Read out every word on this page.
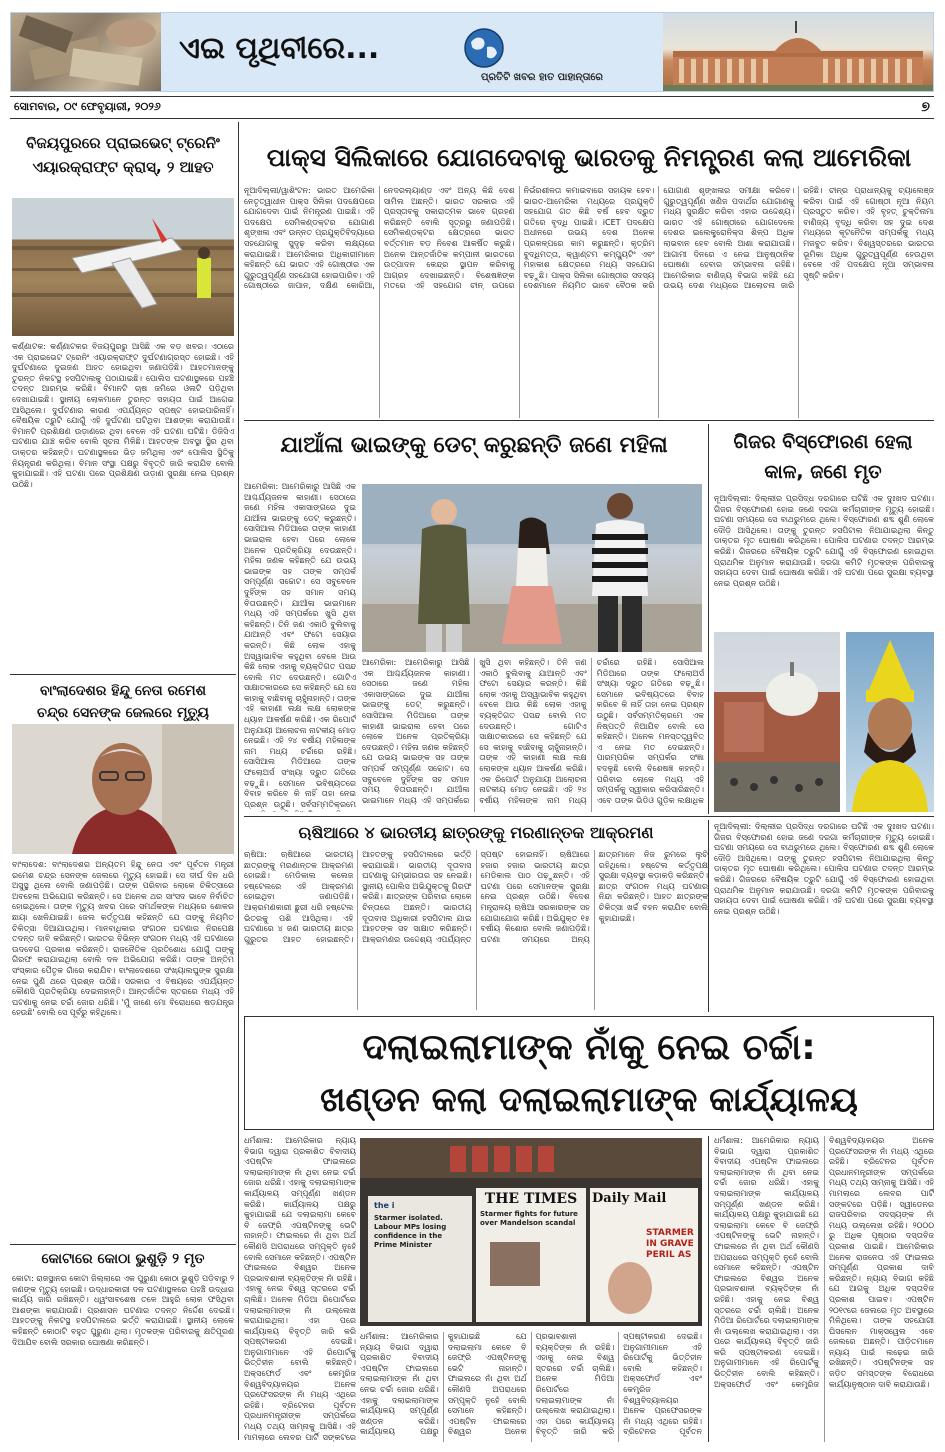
ଏଇ ପୃଥିବୀରେ...
ପ୍ରତିଟି ଖବର ହାତ ପାହାନ୍ତାରେ
ସୋମବାର, ୦୯ ଫେବୃୟାରୀ, ୨୦୨୬	୭
ବିଜୟପୁରରେ ପ୍ରାଇଭେଟ୍ ଟ୍ରେନିଂ
ଏୟାରକ୍ରାଫ୍ଟ କ୍ରାସ୍, ୨ ଆହତ
କର୍ଣ୍ଣାଟକ: କର୍ଣ୍ଣାଟକର ବିଜୟପୁରରୁ ଆସିଛି ଏକ ବଡ଼ ଖବର। ଏଠାରେ ଏକ ପ୍ରାଇଭେଟ ଟ୍ରେନିଂ ଏୟାରକ୍ରାଫ୍ଟ ଦୁର୍ଘଟଣାଗ୍ରସ୍ତ ହୋଇଛି। ଏହି ଦୁର୍ଘଟଣାରେ ଦୁଇଜଣ ଆହତ ହୋଇଥିବା ଜଣାପଡ଼ିଛି। ଆହତମାନଙ୍କୁ ତୁରନ୍ତ ନିକଟସ୍ଥ ହସପିଟାଲକୁ ପଠାଯାଇଛି। ପୋଲିସ ଘଟଣାସ୍ଥଳରେ ପହଞ୍ଚି ତଦନ୍ତ ଆରମ୍ଭ କରିଛି। ବିମାନଟି ଚାଷ ଜମିରେ ଓଲଟି ପଡ଼ିଥିବା ଦେଖାଯାଇଛି। ସ୍ଥାନୀୟ ଲୋକମାନେ ତୁରନ୍ତ ସହାୟତା ପାଇଁ ଆଗେଇ ଆସିଥିଲେ। ଦୁର୍ଘଟଣାର କାରଣ ଏପର୍ଯ୍ୟନ୍ତ ସ୍ପଷ୍ଟ ହୋଇପାରିନାହିଁ। ବୈଷୟିକ ତ୍ରୁଟି ଯୋଗୁଁ ଏହି ଦୁର୍ଘଟଣା ଘଟିଥିବା ଆଶଙ୍କା କରାଯାଉଛି। ବିମାନଟି ପ୍ରଶିକ୍ଷଣ ଉଡ଼ାଣରେ ଥିବା ବେଳେ ଏହି ଘଟଣା ଘଟିଛି। ଡିଜିସିଏ ଘଟଣାର ଯାଞ୍ଚ କରିବ ବୋଲି ସୂଚନା ମିଳିଛି। ଆହତଙ୍କ ଅବସ୍ଥା ସ୍ଥିର ଥିବା ଡାକ୍ତର କହିଛନ୍ତି। ଘଟଣାସ୍ଥଳରେ ଭିଡ଼ ଜମିଥିଲା ଏବଂ ପୋଲିସ ସ୍ଥିତିକୁ ନିୟନ୍ତ୍ରଣ କରିଥିଲା। ବିମାନ ସଂସ୍ଥା ପକ୍ଷରୁ ବିବୃତ୍ତି ଜାରି କରାଯିବ ବୋଲି କୁହାଯାଇଛି। ଏହି ଘଟଣା ପରେ ପ୍ରଶିକ୍ଷଣ ଉଡ଼ାଣ ସୁରକ୍ଷା ନେଇ ପ୍ରଶ୍ନ ଉଠିଛି।
ବାଂଲାଦେଶର ହିନ୍ଦୁ ନେତା ରମେଶ
ଚନ୍ଦ୍ର ସେନଙ୍କ ଜେଲରେ ମୃତ୍ୟୁ
ବାଂଲାଦେଶ: ବାଂଲାଦେଶର ଅନ୍ୟତମ ହିନ୍ଦୁ ନେତା ଏବଂ ପୂର୍ବତନ ମନ୍ତ୍ରୀ ରମେଶ ଚନ୍ଦ୍ର ସେନଙ୍କ ଜେଲରେ ମୃତ୍ୟୁ ହୋଇଛି। ସେ ଦୀର୍ଘ ଦିନ ଧରି ଅସୁସ୍ଥ ଥିଲେ ବୋଲି ଜଣାପଡ଼ିଛି। ତାଙ୍କ ପରିବାର ଲୋକେ ଚିକିତ୍ସାରେ ଅବହେଳା ଅଭିଯୋଗ କରିଛନ୍ତି। ସେ ଅନେକ ଥର ସାଂସଦ ଭାବେ ନିର୍ବାଚିତ ହୋଇଥିଲେ। ତାଙ୍କ ମୃତ୍ୟୁ ଖବର ପରେ ସମର୍ଥକଙ୍କ ମଧ୍ୟରେ ଶୋକର ଛାୟା ଖେଳିଯାଇଛି। ଜେଲ କର୍ତ୍ତୃପକ୍ଷ କହିଛନ୍ତି ଯେ ତାଙ୍କୁ ନିୟମିତ ଚିକିତ୍ସା ଦିଆଯାଉଥିଲା। ମାନବାଧିକାର ସଂଗଠନ ଘଟଣାର ନିରପେକ୍ଷ ତଦନ୍ତ ଦାବି କରିଛନ୍ତି। ଭାରତର ବିଭିନ୍ନ ସଂଗଠନ ମଧ୍ୟ ଏହି ଘଟଣାରେ ଉଦବେଗ ପ୍ରକାଶ କରିଛନ୍ତି। ରାଜନୈତିକ ପ୍ରତିଶୋଧ ଯୋଗୁଁ ତାଙ୍କୁ ଗିରଫ କରାଯାଇଥିଲା ବୋଲି ଦଳ ଅଭିଯୋଗ କରିଛି। ତାଙ୍କ ଅନ୍ତିମ ସଂସ୍କାର ପୈତୃକ ଗାଁରେ କରାଯିବ। ବାଂଲାଦେଶରେ ସଂଖ୍ୟାଲଘୁଙ୍କ ସୁରକ୍ଷା ନେଇ ପୁଣି ଥରେ ପ୍ରଶ୍ନ ଉଠିଛି। ସରକାର ଏ ବିଷୟରେ ଏପର୍ଯ୍ୟନ୍ତ କୌଣସି ପ୍ରତିକ୍ରିୟା ଦେଇନାହାନ୍ତି। ଆନ୍ତର୍ଜାତିକ ସ୍ତରରେ ମଧ୍ୟ ଏହି ଘଟଣାକୁ ନେଇ ଚର୍ଚ୍ଚା ଜୋର ଧରିଛି। 'ମୁଁ ଜାଣେ ମୋ ବିରୋଧରେ ଷଡ଼ଯନ୍ତ୍ର ହେଉଛି' ବୋଲି ସେ ପୂର୍ବରୁ କହିଥିଲେ।
କୋଟାରେ କୋଠା ଭୁଶୁଡ଼ି ୨ ମୃତ
କୋଟା: ରାଜସ୍ଥାନର କୋଟା ଜିଲ୍ଲାରେ ଏକ ପୁରୁଣା କୋଠା ଭୁଶୁଡ଼ି ପଡ଼ିବାରୁ ୨ ଜଣଙ୍କ ମୃତ୍ୟୁ ହୋଇଛି। ଉଦ୍ଧାରକାରୀ ଦଳ ଘଟଣାସ୍ଥଳରେ ପହଞ୍ଚି ଉଦ୍ଧାର କାର୍ଯ୍ୟ ଜାରି ରଖିଛନ୍ତି। ଧ୍ୱଂସାବଶେଷ ତଳେ ଆହୁରି ଲୋକ ଫସିଥିବା ଆଶଙ୍କା କରାଯାଉଛି। ପ୍ରଶାସନ ଘଟଣାର ତଦନ୍ତ ନିର୍ଦ୍ଦେଶ ଦେଇଛି। ଆହତଙ୍କୁ ନିକଟସ୍ଥ ହସପିଟାଲରେ ଭର୍ତ୍ତି କରାଯାଇଛି। ସ୍ଥାନୀୟ ଲୋକେ କହିଛନ୍ତି କୋଠାଟି ବହୁତ ପୁରୁଣା ଥିଲା। ମୃତକଙ୍କ ପରିବାରକୁ କ୍ଷତିପୂରଣ ଦିଆଯିବ ବୋଲି ସରକାର ଘୋଷଣା କରିଛନ୍ତି।
ପାକ୍ସ ସିଲିକାରେ ଯୋଗଦେବାକୁ ଭାରତକୁ ନିମନ୍ତ୍ରଣ କଲା ଆମେରିକା
ନୂଆଦିଲ୍ଲୀ/ୱାଶିଂଟନ: ଭାରତ ଆମେରିକା ନେତୃତ୍ୱାଧୀନ ପାକ୍ସ ସିଲିକା ପଦକ୍ଷେପରେ ଯୋଗଦେବା ପାଇଁ ନିମନ୍ତ୍ରଣ ପାଇଛି। ଏହି ପଦକ୍ଷେପ ସେମିକଣ୍ଡକ୍ଟର ଯୋଗାଣ ଶୃଙ୍ଖଳା ଏବଂ ଉନ୍ନତ ପ୍ରଯୁକ୍ତିବିଦ୍ୟାରେ ସହଯୋଗକୁ ସୁଦୃଢ଼ କରିବା ଲକ୍ଷ୍ୟରେ କରାଯାଇଛି। ଆମେରିକାର ଅଧିକାରୀମାନେ କହିଛନ୍ତି ଯେ ଭାରତ ଏହି ଗୋଷ୍ଠୀର ଏକ ଗୁରୁତ୍ୱପୂର୍ଣ୍ଣ ସହଯୋଗୀ ହୋଇପାରିବ। ଏହି ଗୋଷ୍ଠୀରେ ଜାପାନ, ଦକ୍ଷିଣ କୋରିଆ, ନେଦରଲ୍ୟାଣ୍ଡ ଏବଂ ଅନ୍ୟ କିଛି ଦେଶ ସାମିଲ ଅଛନ୍ତି। ଭାରତ ସରକାର ଏହି ପ୍ରସ୍ତାବକୁ ସକାରାତ୍ମକ ଭାବେ ଗ୍ରହଣ କରିଛନ୍ତି ବୋଲି ସୂତ୍ରରୁ ଜଣାପଡ଼ିଛି। ସେମିକଣ୍ଡକ୍ଟର କ୍ଷେତ୍ରରେ ଭାରତ ବର୍ତ୍ତମାନ ବଡ଼ ନିବେଶ ଆକର୍ଷିତ କରୁଛି। ଅନେକ ଆନ୍ତର୍ଜାତିକ କମ୍ପାନୀ ଭାରତରେ ଉତ୍ପାଦନ କେନ୍ଦ୍ର ସ୍ଥାପନ କରିବାକୁ ଆଗ୍ରହ ଦେଖାଇଛନ୍ତି। ବିଶେଷଜ୍ଞଙ୍କ ମତରେ ଏହି ସହଯୋଗ ଚୀନ୍ ଉପରେ ନିର୍ଭରଶୀଳତା କମାଇବାରେ ସହାୟକ ହେବ। ଭାରତ-ଆମେରିକା ମଧ୍ୟରେ ପ୍ରଯୁକ୍ତି ସହଯୋଗ ଗତ କିଛି ବର୍ଷ ହେବ ଦ୍ରୁତ ଗତିରେ ବୃଦ୍ଧି ପାଇଛି। iCET ପଦକ୍ଷେପ ଅଧୀନରେ ଉଭୟ ଦେଶ ଅନେକ ପ୍ରକଳ୍ପରେ କାମ କରୁଛନ୍ତି। କୃତ୍ରିମ ବୁଦ୍ଧିମତ୍ତା, କ୍ୱାଣ୍ଟମ କମ୍ପ୍ୟୁଟିଂ ଏବଂ ମହାକାଶ କ୍ଷେତ୍ରରେ ମଧ୍ୟ ସହଯୋଗ ବଢ଼ୁଛି। ପାକ୍ସ ସିଲିକା ଗୋଷ୍ଠୀର ସଦସ୍ୟ ଦେଶମାନେ ନିୟମିତ ଭାବେ ବୈଠକ କରି ଯୋଗାଣ ଶୃଙ୍ଖଳାର ସମୀକ୍ଷା କରିବେ। ଗୁରୁତ୍ୱପୂର୍ଣ୍ଣ ଖଣିଜ ପଦାର୍ଥର ଯୋଗାଣକୁ ମଧ୍ୟ ସୁରକ୍ଷିତ କରିବା ଏହାର ଉଦ୍ଦେଶ୍ୟ। ଭାରତ ଏହି ଗୋଷ୍ଠୀରେ ଯୋଗଦେଲେ ଦେଶର ଇଲେକ୍ଟ୍ରୋନିକ୍ସ ଶିଳ୍ପ ଅଧିକ ଲାଭବାନ ହେବ ବୋଲି ଆଶା କରାଯାଉଛି। ଆଗାମୀ ଦିନରେ ଏ ନେଇ ଆନୁଷ୍ଠାନିକ ଘୋଷଣା ହେବାର ସମ୍ଭାବନା ରହିଛି। ଆମେରିକାର ବାଣିଜ୍ୟ ବିଭାଗ କହିଛି ଯେ ଉଭୟ ଦେଶ ମଧ୍ୟରେ ଆଲୋଚନା ଜାରି ରହିଛି। ଚୀନ୍ର ପ୍ରାଧାନ୍ୟକୁ ଚ୍ୟାଲେଞ୍ଜ କରିବା ପାଇଁ ଏହି ଗୋଷ୍ଠୀ ନୂଆ ନିୟମ ପ୍ରସ୍ତୁତ କରିବ। ଏହି ବୃହତ୍ ଚୁକ୍ତିନାମା ବାଣିଜ୍ୟ ବୃଦ୍ଧି କରିବା ସହ ଦୁଇ ଦେଶ ମଧ୍ୟରେ କୂଟନୈତିକ ସମ୍ପର୍କକୁ ମଧ୍ୟ ମଜବୁତ କରିବ। ବିଶ୍ୱସ୍ତରରେ ଭାରତର ଭୂମିକା ଅଧିକ ଗୁରୁତ୍ୱପୂର୍ଣ୍ଣ ହେଉଥିବା ବେଳେ ଏହି ପଦକ୍ଷେପ ନୂଆ ସମ୍ଭାବନା ସୃଷ୍ଟି କରିବ।
ଯାଆଁଳା ଭାଇଙ୍କୁ ଡେଟ୍ କରୁଛନ୍ତି ଜଣେ ମହିଳା
ଆମେରିକା: ଆମେରିକାରୁ ଆସିଛି ଏକ ଆଶ୍ଚର୍ଯ୍ୟଜନକ କାହାଣୀ। ସେଠାରେ ଜଣେ ମହିଳା ଏକାସାଙ୍ଗରେ ଦୁଇ ଯାଆଁଳା ଭାଇଙ୍କୁ ଡେଟ୍ କରୁଛନ୍ତି। ସୋସିଆଲ ମିଡିଆରେ ତାଙ୍କ କାହାଣୀ ଭାଇରାଲ ହେବା ପରେ ଲୋକେ ଅନେକ ପ୍ରତିକ୍ରିୟା ଦେଉଛନ୍ତି। ମହିଳା ଜଣକ କହିଛନ୍ତି ଯେ ଉଭୟ ଭାଇଙ୍କ ସହ ତାଙ୍କ ସମ୍ପର୍କ ସମ୍ପୂର୍ଣ୍ଣ ସଚ୍ଚୋଟ। ସେ ସବୁବେଳେ ଦୁହିଁଙ୍କ ସହ ସମାନ ସମୟ ବିତାଉଛନ୍ତି। ଯାଆଁଳା ଭାଇମାନେ ମଧ୍ୟ ଏହି ସମ୍ପର୍କରେ ଖୁସି ଥିବା କହିଛନ୍ତି। ତିନି ଜଣ ଏକାଠି ବୁଲିବାକୁ ଯାଆନ୍ତି ଏବଂ ଫଟୋ ସେୟାର କରନ୍ତି। କିଛି ଲୋକ ଏହାକୁ ଅସ୍ୱାଭାବିକ କହୁଥିବା ବେଳେ ଆଉ କିଛି ଲୋକ ଏହାକୁ ବ୍ୟକ୍ତିଗତ ପସନ୍ଦ ବୋଲି ମତ ଦେଉଛନ୍ତି। ଗୋଟିଏ ସାକ୍ଷାତକାରରେ ସେ କହିଛନ୍ତି ଯେ ସେ କାହାକୁ ବାଛିବାକୁ ଚାହୁଁନାହାନ୍ତି। ତାଙ୍କ ଏହି କାହାଣୀ ଲକ୍ଷ ଲକ୍ଷ ଲୋକଙ୍କ ଧ୍ୟାନ ଆକର୍ଷଣ କରିଛି। ଏକ ରିପୋର୍ଟ ଅନୁଯାୟୀ ଆଲୋଚନା ନାଟକୀୟ ମୋଡ଼ ନେଇଛି। ଏହି ୨୪ ବର୍ଷୀୟ ମହିଳାଙ୍କ ନାମ ମଧ୍ୟ ଚର୍ଚ୍ଚାରେ ରହିଛି। ସୋସିଆଲ ମିଡିଆରେ ତାଙ୍କ ଫଲୋଅର୍ସ ସଂଖ୍ୟା ଦ୍ରୁତ ଗତିରେ ବଢ଼ୁଛି। ସେମାନେ ଭବିଷ୍ୟତରେ ବିବାହ କରିବେ କି ନାହିଁ ତାହା ନେଇ ପ୍ରଶ୍ନ ଉଠୁଛି। ସର୍ବସମ୍ମତିକ୍ରମେ
ଆମେରିକା: ଆମେରିକାରୁ ଆସିଛି ଏକ ଆଶ୍ଚର୍ଯ୍ୟଜନକ କାହାଣୀ। ସେଠାରେ ଜଣେ ମହିଳା ଏକାସାଙ୍ଗରେ ଦୁଇ ଯାଆଁଳା ଭାଇଙ୍କୁ ଡେଟ୍ କରୁଛନ୍ତି। ସୋସିଆଲ ମିଡିଆରେ ତାଙ୍କ କାହାଣୀ ଭାଇରାଲ ହେବା ପରେ ଲୋକେ ଅନେକ ପ୍ରତିକ୍ରିୟା ଦେଉଛନ୍ତି। ମହିଳା ଜଣକ କହିଛନ୍ତି ଯେ ଉଭୟ ଭାଇଙ୍କ ସହ ତାଙ୍କ ସମ୍ପର୍କ ସମ୍ପୂର୍ଣ୍ଣ ସଚ୍ଚୋଟ। ସେ ସବୁବେଳେ ଦୁହିଁଙ୍କ ସହ ସମାନ ସମୟ ବିତାଉଛନ୍ତି। ଯାଆଁଳା ଭାଇମାନେ ମଧ୍ୟ ଏହି ସମ୍ପର୍କରେ ଖୁସି ଥିବା କହିଛନ୍ତି। ତିନି ଜଣ ଏକାଠି ବୁଲିବାକୁ ଯାଆନ୍ତି ଏବଂ ଫଟୋ ସେୟାର କରନ୍ତି। କିଛି ଲୋକ ଏହାକୁ ଅସ୍ୱାଭାବିକ କହୁଥିବା ବେଳେ ଆଉ କିଛି ଲୋକ ଏହାକୁ ବ୍ୟକ୍ତିଗତ ପସନ୍ଦ ବୋଲି ମତ ଦେଉଛନ୍ତି। ଗୋଟିଏ ସାକ୍ଷାତକାରରେ ସେ କହିଛନ୍ତି ଯେ ସେ କାହାକୁ ବାଛିବାକୁ ଚାହୁଁନାହାନ୍ତି। ତାଙ୍କ ଏହି କାହାଣୀ ଲକ୍ଷ ଲକ୍ଷ ଲୋକଙ୍କ ଧ୍ୟାନ ଆକର୍ଷଣ କରିଛି। ଏକ ରିପୋର୍ଟ ଅନୁଯାୟୀ ଆଲୋଚନା ନାଟକୀୟ ମୋଡ଼ ନେଇଛି। ଏହି ୨୪ ବର୍ଷୀୟ ମହିଳାଙ୍କ ନାମ ମଧ୍ୟ ଚର୍ଚ୍ଚାରେ ରହିଛି। ସୋସିଆଲ ମିଡିଆରେ ତାଙ୍କ ଫଲୋଅର୍ସ ସଂଖ୍ୟା ଦ୍ରୁତ ଗତିରେ ବଢ଼ୁଛି। ସେମାନେ ଭବିଷ୍ୟତରେ ବିବାହ କରିବେ କି ନାହିଁ ତାହା ନେଇ ପ୍ରଶ୍ନ ଉଠୁଛି। ସର୍ବସମ୍ମତିକ୍ରମେ ଏକ ନିଷ୍ପତ୍ତି ନିଆଯିବ ବୋଲି ସେ କହିଛନ୍ତି। ଅନେକ ମନସ୍ତତ୍ତ୍ୱବିତ୍ ଏ ନେଇ ମତ ଦେଇଛନ୍ତି। ପାରମ୍ପରିକ ସମ୍ପର୍କର ସଂଜ୍ଞା ବଦଳୁଛି ବୋଲି ବିଶେଷଜ୍ଞ କହନ୍ତି। ପରିବାର ଲୋକେ ମଧ୍ୟ ଏହି ସମ୍ପର୍କକୁ ସ୍ୱୀକାର କରିସାରିଛନ୍ତି। ଏବେ ତାଙ୍କ ଭିଡିଓ ଗୁଡ଼ିକ ଲକ୍ଷାଧିକ
ଗିଜର ବିସ୍ଫୋରଣ ହେଲା
କାଳ, ଜଣେ ମୃତ
ନୂଆଦିଲ୍ଲୀ: ଦିଲ୍ଲୀର ପ୍ରସିଦ୍ଧ ଦରଗାରେ ଘଟିଛି ଏକ ଦୁଃଖଦ ଘଟଣା। ଗିଜର ବିସ୍ଫୋରଣ ହୋଇ ଜଣେ ଦରଗା କର୍ମଚାରୀଙ୍କ ମୃତ୍ୟୁ ହୋଇଛି। ଘଟଣା ସମୟରେ ସେ ବାଥରୁମରେ ଥିଲେ। ବିସ୍ଫୋରଣ ଶବ୍ଦ ଶୁଣି ଲୋକେ ଦୌଡ଼ି ଆସିଥିଲେ। ତାଙ୍କୁ ତୁରନ୍ତ ହସପିଟାଲ ନିଆଯାଇଥିଲା କିନ୍ତୁ ଡାକ୍ତର ମୃତ ଘୋଷଣା କରିଥିଲେ। ପୋଲିସ ଘଟଣାର ତଦନ୍ତ ଆରମ୍ଭ କରିଛି। ଗିଜରରେ ବୈଷୟିକ ତ୍ରୁଟି ଯୋଗୁଁ ଏହି ବିସ୍ଫୋରଣ ହୋଇଥିବା ପ୍ରାଥମିକ ଅନୁମାନ କରାଯାଉଛି। ଦରଗା କମିଟି ମୃତକଙ୍କ ପରିବାରକୁ ସହାୟତା ଦେବା ପାଇଁ ଘୋଷଣା କରିଛି। ଏହି ଘଟଣା ପରେ ସୁରକ୍ଷା ବ୍ୟବସ୍ଥା ନେଇ ପ୍ରଶ୍ନ ଉଠିଛି।
ଋଷିଆରେ ୪ ଭାରତୀୟ ଛାତ୍ରଙ୍କୁ ମରଣାନ୍ତକ ଆକ୍ରମଣ
ଋଷିଆ: ଋଷିଆରେ ଭାରତୀୟ ଛାତ୍ରଙ୍କୁ ମରଣାନ୍ତକ ଆକ୍ରମଣ ହୋଇଛି। ମେଡିକାଲ କଲେଜ ହଷ୍ଟେଲରେ ଏହି ଆକ୍ରମଣ ହୋଇଥିବା ଜଣାପଡ଼ିଛି। ଆକ୍ରମଣକାରୀ ଛୁରୀ ଧରି ହଷ୍ଟେଲ ଭିତରକୁ ପଶି ଆସିଥିଲା। ଏହି ଘଟଣାରେ ୪ ଜଣ ଭାରତୀୟ ଛାତ୍ର ଗୁରୁତର ଆହତ ହୋଇଛନ୍ତି। ଆହତଙ୍କୁ ହସପିଟାଲରେ ଭର୍ତ୍ତି କରାଯାଇଛି। ଭାରତୀୟ ଦୂତାବାସ ଘଟଣାକୁ ଗମ୍ଭୀରତାର ସହ ନେଇଛି। ସ୍ଥାନୀୟ ପୋଲିସ ଅଭିଯୁକ୍ତକୁ ଗିରଫ କରିଛି। ଛାତ୍ରଙ୍କ ପରିବାର ଲୋକେ ଚିନ୍ତାରେ ଅଛନ୍ତି। ଭାରତୀୟ ଦୂତାବାସ ଅଧିକାରୀ ହସପିଟାଲ ଯାଇ ଆହତଙ୍କ ସହ ସାକ୍ଷାତ କରିଛନ୍ତି। ଆକ୍ରମଣର ଉଦ୍ଦେଶ୍ୟ ଏପର୍ଯ୍ୟନ୍ତ ସ୍ପଷ୍ଟ ହୋଇନାହିଁ। ଋଷିଆରେ ହଜାର ହଜାର ଭାରତୀୟ ଛାତ୍ର ମେଡିକାଲ ପାଠ ପଢ଼ୁଛନ୍ତି। ଏହି ଘଟଣା ପରେ ସେମାନଙ୍କ ସୁରକ୍ଷା ନେଇ ପ୍ରଶ୍ନ ଉଠିଛି। ବିଦେଶ ମନ୍ତ୍ରାଳୟ ଋଷିଆ ସରକାରଙ୍କ ସହ ଯୋଗାଯୋଗ କରିଛି। ଅଭିଯୁକ୍ତ ୧୫ ବର୍ଷୀୟ କିଶୋର ବୋଲି ଜଣାପଡ଼ିଛି। ଘଟଣା ସମୟରେ ଅନ୍ୟ ଛାତ୍ରମାନେ ନିଜ ରୁମରେ ଲୁଚି ରହିଥିଲେ। ହଷ୍ଟେଲ କର୍ତ୍ତୃପକ୍ଷ ସୁରକ୍ଷା ବ୍ୟବସ୍ଥା କଡ଼ାକଡ଼ି କରିଛନ୍ତି। ଛାତ୍ର ସଂଗଠନ ମଧ୍ୟ ଘଟଣାର ନିନ୍ଦା କରିଛନ୍ତି। ଆହତ ଛାତ୍ରଙ୍କ ଚିକିତ୍ସା ଖର୍ଚ୍ଚ ବହନ କରାଯିବ ବୋଲି କୁହାଯାଇଛି।
ନୂଆଦିଲ୍ଲୀ: ଦିଲ୍ଲୀର ପ୍ରସିଦ୍ଧ ଦରଗାରେ ଘଟିଛି ଏକ ଦୁଃଖଦ ଘଟଣା। ଗିଜର ବିସ୍ଫୋରଣ ହୋଇ ଜଣେ ଦରଗା କର୍ମଚାରୀଙ୍କ ମୃତ୍ୟୁ ହୋଇଛି। ଘଟଣା ସମୟରେ ସେ ବାଥରୁମରେ ଥିଲେ। ବିସ୍ଫୋରଣ ଶବ୍ଦ ଶୁଣି ଲୋକେ ଦୌଡ଼ି ଆସିଥିଲେ। ତାଙ୍କୁ ତୁରନ୍ତ ହସପିଟାଲ ନିଆଯାଇଥିଲା କିନ୍ତୁ ଡାକ୍ତର ମୃତ ଘୋଷଣା କରିଥିଲେ। ପୋଲିସ ଘଟଣାର ତଦନ୍ତ ଆରମ୍ଭ କରିଛି। ଗିଜରରେ ବୈଷୟିକ ତ୍ରୁଟି ଯୋଗୁଁ ଏହି ବିସ୍ଫୋରଣ ହୋଇଥିବା ପ୍ରାଥମିକ ଅନୁମାନ କରାଯାଉଛି। ଦରଗା କମିଟି ମୃତକଙ୍କ ପରିବାରକୁ ସହାୟତା ଦେବା ପାଇଁ ଘୋଷଣା କରିଛି। ଏହି ଘଟଣା ପରେ ସୁରକ୍ଷା ବ୍ୟବସ୍ଥା ନେଇ ପ୍ରଶ୍ନ ଉଠିଛି।
ଦଲାଇଲାମାଙ୍କ ନାଁକୁ ନେଇ ଚର୍ଚ୍ଚା:
ଖଣ୍ଡନ କଲା ଦଲାଇଲାମାଙ୍କ କାର୍ଯ୍ୟାଳୟ
ଧର୍ମଶାଳା: ଆମେରିକାର ନ୍ୟାୟ ବିଭାଗ ଦ୍ୱାରା ପ୍ରକାଶିତ ବିବାଦୀୟ ଏପଷ୍ଟିନ ଫାଇଲରେ ଦଲାଇଲାମାଙ୍କ ନାଁ ଥିବା ନେଇ ଚର୍ଚ୍ଚା ଜୋର ଧରିଛି। ଏହାକୁ ଦଲାଇଲାମାଙ୍କ କାର୍ଯ୍ୟାଳୟ ସମ୍ପୂର୍ଣ୍ଣ ଖଣ୍ଡନ କରିଛି। କାର୍ଯ୍ୟାଳୟ ପକ୍ଷରୁ କୁହାଯାଇଛି ଯେ ଦଲାଇଲାମା କେବେ ବି ଜେଫ୍ରି ଏପଷ୍ଟିନଙ୍କୁ ଭେଟି ନାହାନ୍ତି। ଫାଇଲରେ ନାଁ ଥିବା ଅର୍ଥ କୌଣସି ଅପରାଧରେ ସମ୍ପୃକ୍ତି ନୁହେଁ ବୋଲି ସେମାନେ କହିଛନ୍ତି। ଏପଷ୍ଟିନ ଫାଇଲରେ ବିଶ୍ୱର ଅନେକ ପ୍ରଭାବଶାଳୀ ବ୍ୟକ୍ତିଙ୍କ ନାଁ ରହିଛି। ଏହାକୁ ନେଇ ବିଶ୍ୱ ସ୍ତରରେ ଚର୍ଚ୍ଚା ଚାଲିଛି। ଅନେକ ମିଡିଆ ରିପୋର୍ଟରେ ଦଲାଇଲାମାଙ୍କ ନାଁ ଉଲ୍ଲେଖ କରାଯାଇଥିଲା। ଏହା ପରେ କାର୍ଯ୍ୟାଳୟ ବିବୃତ୍ତି ଜାରି କରି ସ୍ପଷ୍ଟୀକରଣ ଦେଇଛି। ଅନୁଗାମୀମାନେ ଏହି ରିପୋର୍ଟକୁ ଭିତ୍ତିହୀନ ବୋଲି କହିଛନ୍ତି। ଅକ୍ସଫୋର୍ଡ ଏବଂ କେମ୍ବ୍ରିଜ ବିଶ୍ୱବିଦ୍ୟାଳୟର ଅନେକ ପ୍ରଫେସରଙ୍କ ନାଁ ମଧ୍ୟ ଏଥିରେ ରହିଛି। ବ୍ରିଟେନର ପୂର୍ବତନ ପ୍ରଧାନମନ୍ତ୍ରୀଙ୍କ ସମ୍ପର୍କରେ ମଧ୍ୟ ତଥ୍ୟ ସାମ୍ନାକୁ ଆସିଛି। ଏହି ମାମଲାରେ ଲେବର ପାର୍ଟି ସଙ୍କଟରେ
the i
Starmer isolated. Labour MPs losing confidence in the Prime Minister
THE TIMES
Starmer fights for future over Mandelson scandal
Daily Mail
STARMER IN GRAVE PERIL AS
ଧର୍ମଶାଳା: ଆମେରିକାର ନ୍ୟାୟ ବିଭାଗ ଦ୍ୱାରା ପ୍ରକାଶିତ ବିବାଦୀୟ ଏପଷ୍ଟିନ ଫାଇଲରେ ଦଲାଇଲାମାଙ୍କ ନାଁ ଥିବା ନେଇ ଚର୍ଚ୍ଚା ଜୋର ଧରିଛି। ଏହାକୁ ଦଲାଇଲାମାଙ୍କ କାର୍ଯ୍ୟାଳୟ ସମ୍ପୂର୍ଣ୍ଣ ଖଣ୍ଡନ କରିଛି। କାର୍ଯ୍ୟାଳୟ ପକ୍ଷରୁ କୁହାଯାଇଛି ଯେ ଦଲାଇଲାମା କେବେ ବି ଜେଫ୍ରି ଏପଷ୍ଟିନଙ୍କୁ ଭେଟି ନାହାନ୍ତି। ଫାଇଲରେ ନାଁ ଥିବା ଅର୍ଥ କୌଣସି ଅପରାଧରେ ସମ୍ପୃକ୍ତି ନୁହେଁ ବୋଲି ସେମାନେ କହିଛନ୍ତି। ଏପଷ୍ଟିନ ଫାଇଲରେ ବିଶ୍ୱର ଅନେକ ପ୍ରଭାବଶାଳୀ ବ୍ୟକ୍ତିଙ୍କ ନାଁ ରହିଛି। ଏହାକୁ ନେଇ ବିଶ୍ୱ ସ୍ତରରେ ଚର୍ଚ୍ଚା ଚାଲିଛି। ଅନେକ ମିଡିଆ ରିପୋର୍ଟରେ ଦଲାଇଲାମାଙ୍କ ନାଁ ଉଲ୍ଲେଖ କରାଯାଇଥିଲା। ଏହା ପରେ କାର୍ଯ୍ୟାଳୟ ବିବୃତ୍ତି ଜାରି କରି ସ୍ପଷ୍ଟୀକରଣ ଦେଇଛି। ଅନୁଗାମୀମାନେ ଏହି ରିପୋର୍ଟକୁ ଭିତ୍ତିହୀନ ବୋଲି କହିଛନ୍ତି। ଅକ୍ସଫୋର୍ଡ ଏବଂ କେମ୍ବ୍ରିଜ ବିଶ୍ୱବିଦ୍ୟାଳୟର ଅନେକ ପ୍ରଫେସରଙ୍କ ନାଁ ମଧ୍ୟ ଏଥିରେ ରହିଛି। ବ୍ରିଟେନର ପୂର୍ବତନ
ଧର୍ମଶାଳା: ଆମେରିକାର ନ୍ୟାୟ ବିଭାଗ ଦ୍ୱାରା ପ୍ରକାଶିତ ବିବାଦୀୟ ଏପଷ୍ଟିନ ଫାଇଲରେ ଦଲାଇଲାମାଙ୍କ ନାଁ ଥିବା ନେଇ ଚର୍ଚ୍ଚା ଜୋର ଧରିଛି। ଏହାକୁ ଦଲାଇଲାମାଙ୍କ କାର୍ଯ୍ୟାଳୟ ସମ୍ପୂର୍ଣ୍ଣ ଖଣ୍ଡନ କରିଛି। କାର୍ଯ୍ୟାଳୟ ପକ୍ଷରୁ କୁହାଯାଇଛି ଯେ ଦଲାଇଲାମା କେବେ ବି ଜେଫ୍ରି ଏପଷ୍ଟିନଙ୍କୁ ଭେଟି ନାହାନ୍ତି। ଫାଇଲରେ ନାଁ ଥିବା ଅର୍ଥ କୌଣସି ଅପରାଧରେ ସମ୍ପୃକ୍ତି ନୁହେଁ ବୋଲି ସେମାନେ କହିଛନ୍ତି। ଏପଷ୍ଟିନ ଫାଇଲରେ ବିଶ୍ୱର ଅନେକ ପ୍ରଭାବଶାଳୀ ବ୍ୟକ୍ତିଙ୍କ ନାଁ ରହିଛି। ଏହାକୁ ନେଇ ବିଶ୍ୱ ସ୍ତରରେ ଚର୍ଚ୍ଚା ଚାଲିଛି। ଅନେକ ମିଡିଆ ରିପୋର୍ଟରେ ଦଲାଇଲାମାଙ୍କ ନାଁ ଉଲ୍ଲେଖ କରାଯାଇଥିଲା। ଏହା ପରେ କାର୍ଯ୍ୟାଳୟ ବିବୃତ୍ତି ଜାରି କରି ସ୍ପଷ୍ଟୀକରଣ ଦେଇଛି। ଅନୁଗାମୀମାନେ ଏହି ରିପୋର୍ଟକୁ ଭିତ୍ତିହୀନ ବୋଲି କହିଛନ୍ତି। ଅକ୍ସଫୋର୍ଡ ଏବଂ କେମ୍ବ୍ରିଜ ବିଶ୍ୱବିଦ୍ୟାଳୟର ଅନେକ ପ୍ରଫେସରଙ୍କ ନାଁ ମଧ୍ୟ ଏଥିରେ ରହିଛି। ବ୍ରିଟେନର ପୂର୍ବତନ ପ୍ରଧାନମନ୍ତ୍ରୀଙ୍କ ସମ୍ପର୍କରେ ମଧ୍ୟ ତଥ୍ୟ ସାମ୍ନାକୁ ଆସିଛି। ଏହି ମାମଲାରେ ଲେବର ପାର୍ଟି ସଙ୍କଟରେ ପଡ଼ିଛି। ସ୍ୱୀଡେନର ରାଜପରିବାର ସଦସ୍ୟଙ୍କ ନାଁ ମଧ୍ୟ ଉଲ୍ଲେଖ ରହିଛି। ୨୦୦୦ ରୁ ଅଧିକ ପୃଷ୍ଠାର ଦସ୍ତାବିଜ ପ୍ରକାଶ ପାଇଛି। ଆମେରିକାର ଅନେକ ରାଜନେତା ଏହି ଫାଇଲର ସମ୍ପୂର୍ଣ୍ଣ ପ୍ରକାଶ ଦାବି କରିଛନ୍ତି। ନ୍ୟାୟ ବିଭାଗ କହିଛି ଯେ ଆଗକୁ ଅଧିକ ଦସ୍ତାବିଜ ପ୍ରକାଶ ପାଇବ। ଏପଷ୍ଟିନ ୨୦୧୯ରେ ଜେଲରେ ମୃତ ଅବସ୍ଥାରେ ମିଳିଥିଲେ। ତାଙ୍କ ସହଯୋଗୀ ଘିସଲେନ ମାକ୍ସୱେଲ ଏବେ ଜେଲରେ ଅଛନ୍ତି। ପୀଡ଼ିତମାନେ ନ୍ୟାୟ ପାଇଁ ଲଢ଼େଇ ଜାରି ରଖିଛନ୍ତି। ଏପଷ୍ଟିନଙ୍କ ସହ ଜଡ଼ିତ ସମସ୍ତଙ୍କ ବିରୋଧରେ କାର୍ଯ୍ୟାନୁଷ୍ଠାନ ଦାବି କରାଯାଉଛି।
